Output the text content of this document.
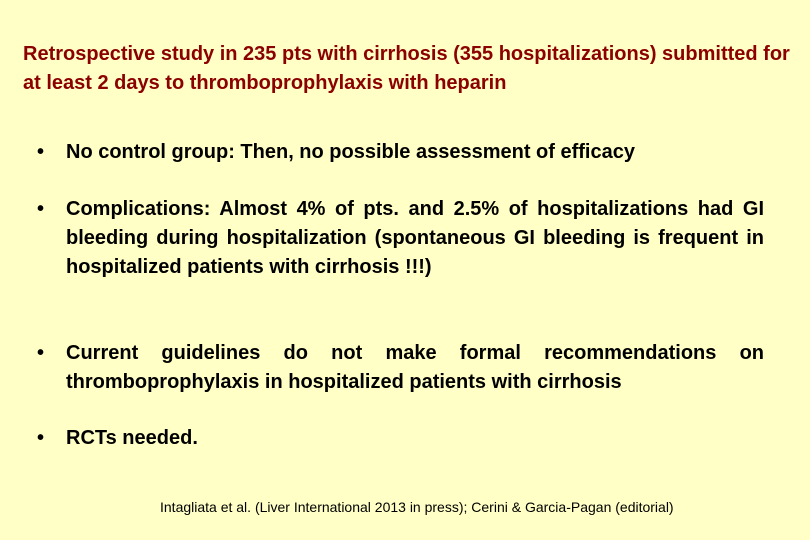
Retrospective study in 235 pts with cirrhosis (355 hospitalizations) submitted for at least 2 days to thromboprophylaxis with heparin
•	No control group: Then, no possible assessment of efficacy
•	Complications: Almost 4% of pts. and 2.5% of hospitalizations had GI bleeding during hospitalization (spontaneous GI bleeding is frequent in hospitalized patients with cirrhosis !!!)
•	Current guidelines do not make formal recommendations on thromboprophylaxis in hospitalized patients with cirrhosis
•	RCTs needed.

Intagliata et al. (Liver International 2013 in press); Cerini & Garcia-Pagan (editorial)
